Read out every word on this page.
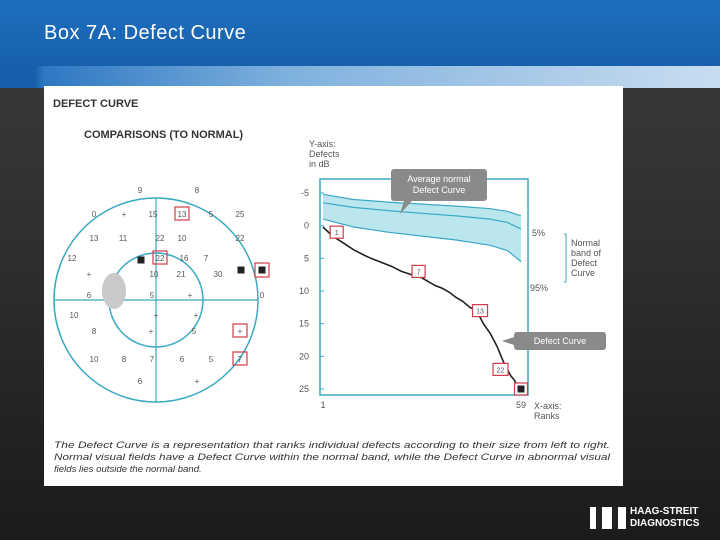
Box 7A: Defect Curve
DEFECT CURVE
COMPARISONS (TO NORMAL)
9	8
0	+	15	13	5	25
13	11	22 10	22
12	22 16 7
+	10 21	30
6	5	+	0
10	+	+
8	+	5	+
10	8	7	6	5	7
6	+
Y-axis:
Defects
in dB
-5
0
5
10
15
20
25
1	59 X-axis:
Ranks
1
7
13
22
5%
95%
Normal
band of
Defect
Curve
Average normal
Defect Curve
Defect Curve
The Defect Curve is a representation that ranks individual defects according to their size from left to right.
Normal visual fields have a Defect Curve within the normal band, while the Defect Curve in abnormal visual
fields lies outside the normal band.
HAAG-STREIT
DIAGNOSTICS
